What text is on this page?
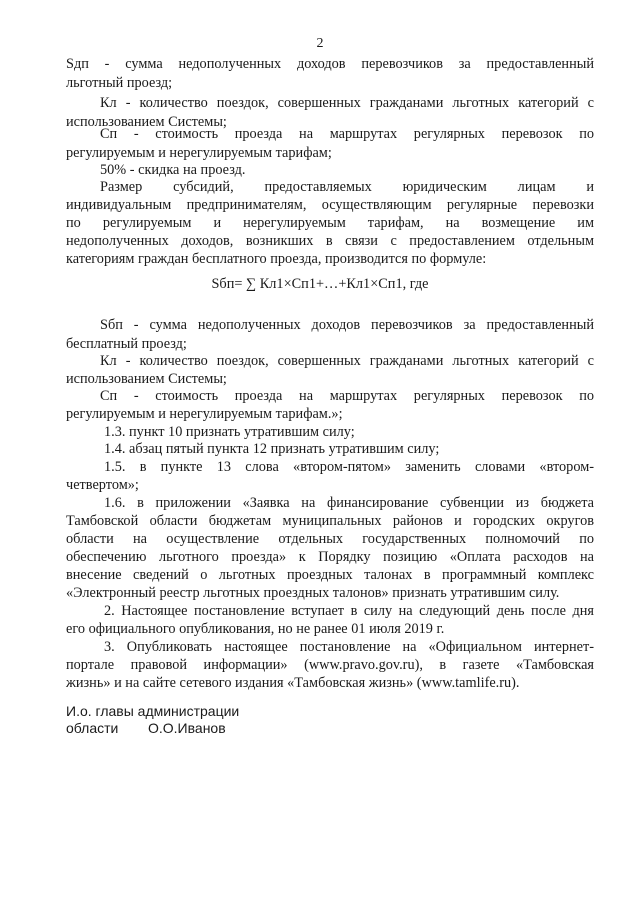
2
Sдп - сумма недополученных доходов перевозчиков за предоставленный
льготный проезд;
Кл - количество поездок, совершенных гражданами льготных категорий с
использованием Системы;
Сп - стоимость проезда на маршрутах регулярных перевозок по
регулируемым и нерегулируемым тарифам;
50% - скидка на проезд.
Размер субсидий, предоставляемых юридическим лицам и
индивидуальным предпринимателям, осуществляющим регулярные перевозки
по регулируемым и нерегулируемым тарифам, на возмещение им
недополученных доходов, возникших в связи с предоставлением отдельным
категориям граждан бесплатного проезда, производится по формуле:
Sбп= ∑ Кл1×Сп1+…+Кл1×Сп1, где
Sбп - сумма недополученных доходов перевозчиков за предоставленный
бесплатный проезд;
Кл - количество поездок, совершенных гражданами льготных категорий с
использованием Системы;
Сп - стоимость проезда на маршрутах регулярных перевозок по
регулируемым и нерегулируемым тарифам.»;
1.3. пункт 10 признать утратившим силу;
1.4. абзац пятый пункта 12 признать утратившим силу;
1.5. в пункте 13 слова «втором-пятом» заменить словами «втором-
четвертом»;
1.6. в приложении «Заявка на финансирование субвенции из бюджета
Тамбовской области бюджетам муниципальных районов и городских округов
области на осуществление отдельных государственных полномочий по
обеспечению льготного проезда» к Порядку позицию «Оплата расходов на
внесение сведений о льготных проездных талонах в программный комплекс
«Электронный реестр льготных проездных талонов» признать утратившим силу.
2. Настоящее постановление вступает в силу на следующий день после дня
его официального опубликования, но не ранее 01 июля 2019 г.
3. Опубликовать настоящее постановление на «Официальном интернет-
портале правовой информации» (www.pravo.gov.ru), в газете «Тамбовская
жизнь» и на сайте сетевого издания «Тамбовская жизнь» (www.tamlife.ru).
И.о. главы администрации
области О.О.Иванов
